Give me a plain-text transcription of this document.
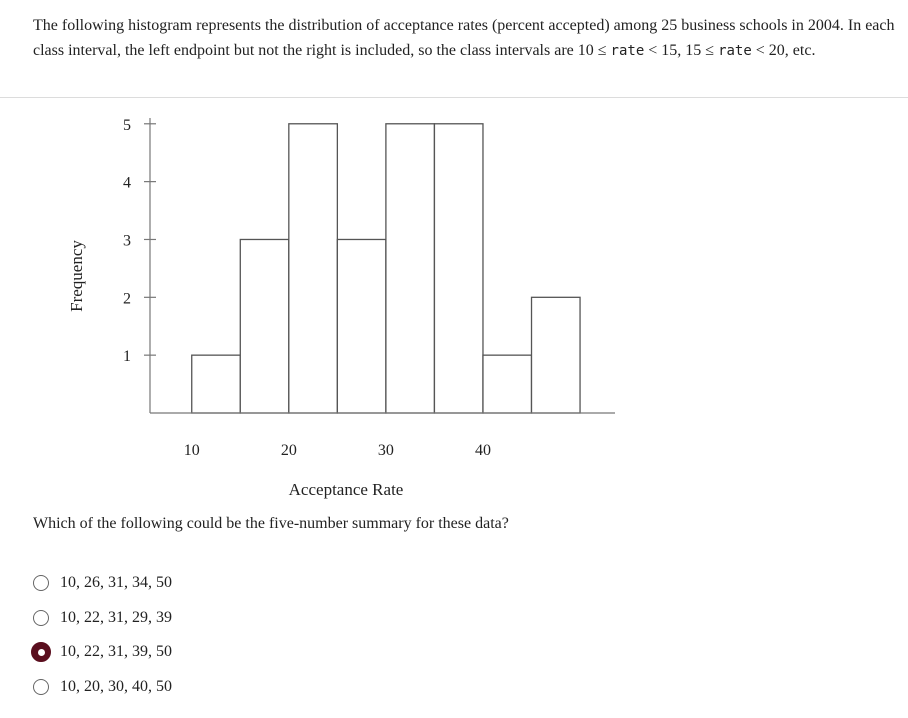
The following histogram represents the distribution of acceptance rates (percent accepted) among 25 business schools in 2004. In each class interval, the left endpoint but not the right is included, so the class intervals are 10 ≤ rate < 15, 15 ≤ rate < 20, etc.
1
2
3
4
5
10	20	30	40
Acceptance Rate
Frequency
Which of the following could be the five-number summary for these data?
10, 26, 31, 34, 50
10, 22, 31, 29, 39
10, 22, 31, 39, 50
10, 20, 30, 40, 50
